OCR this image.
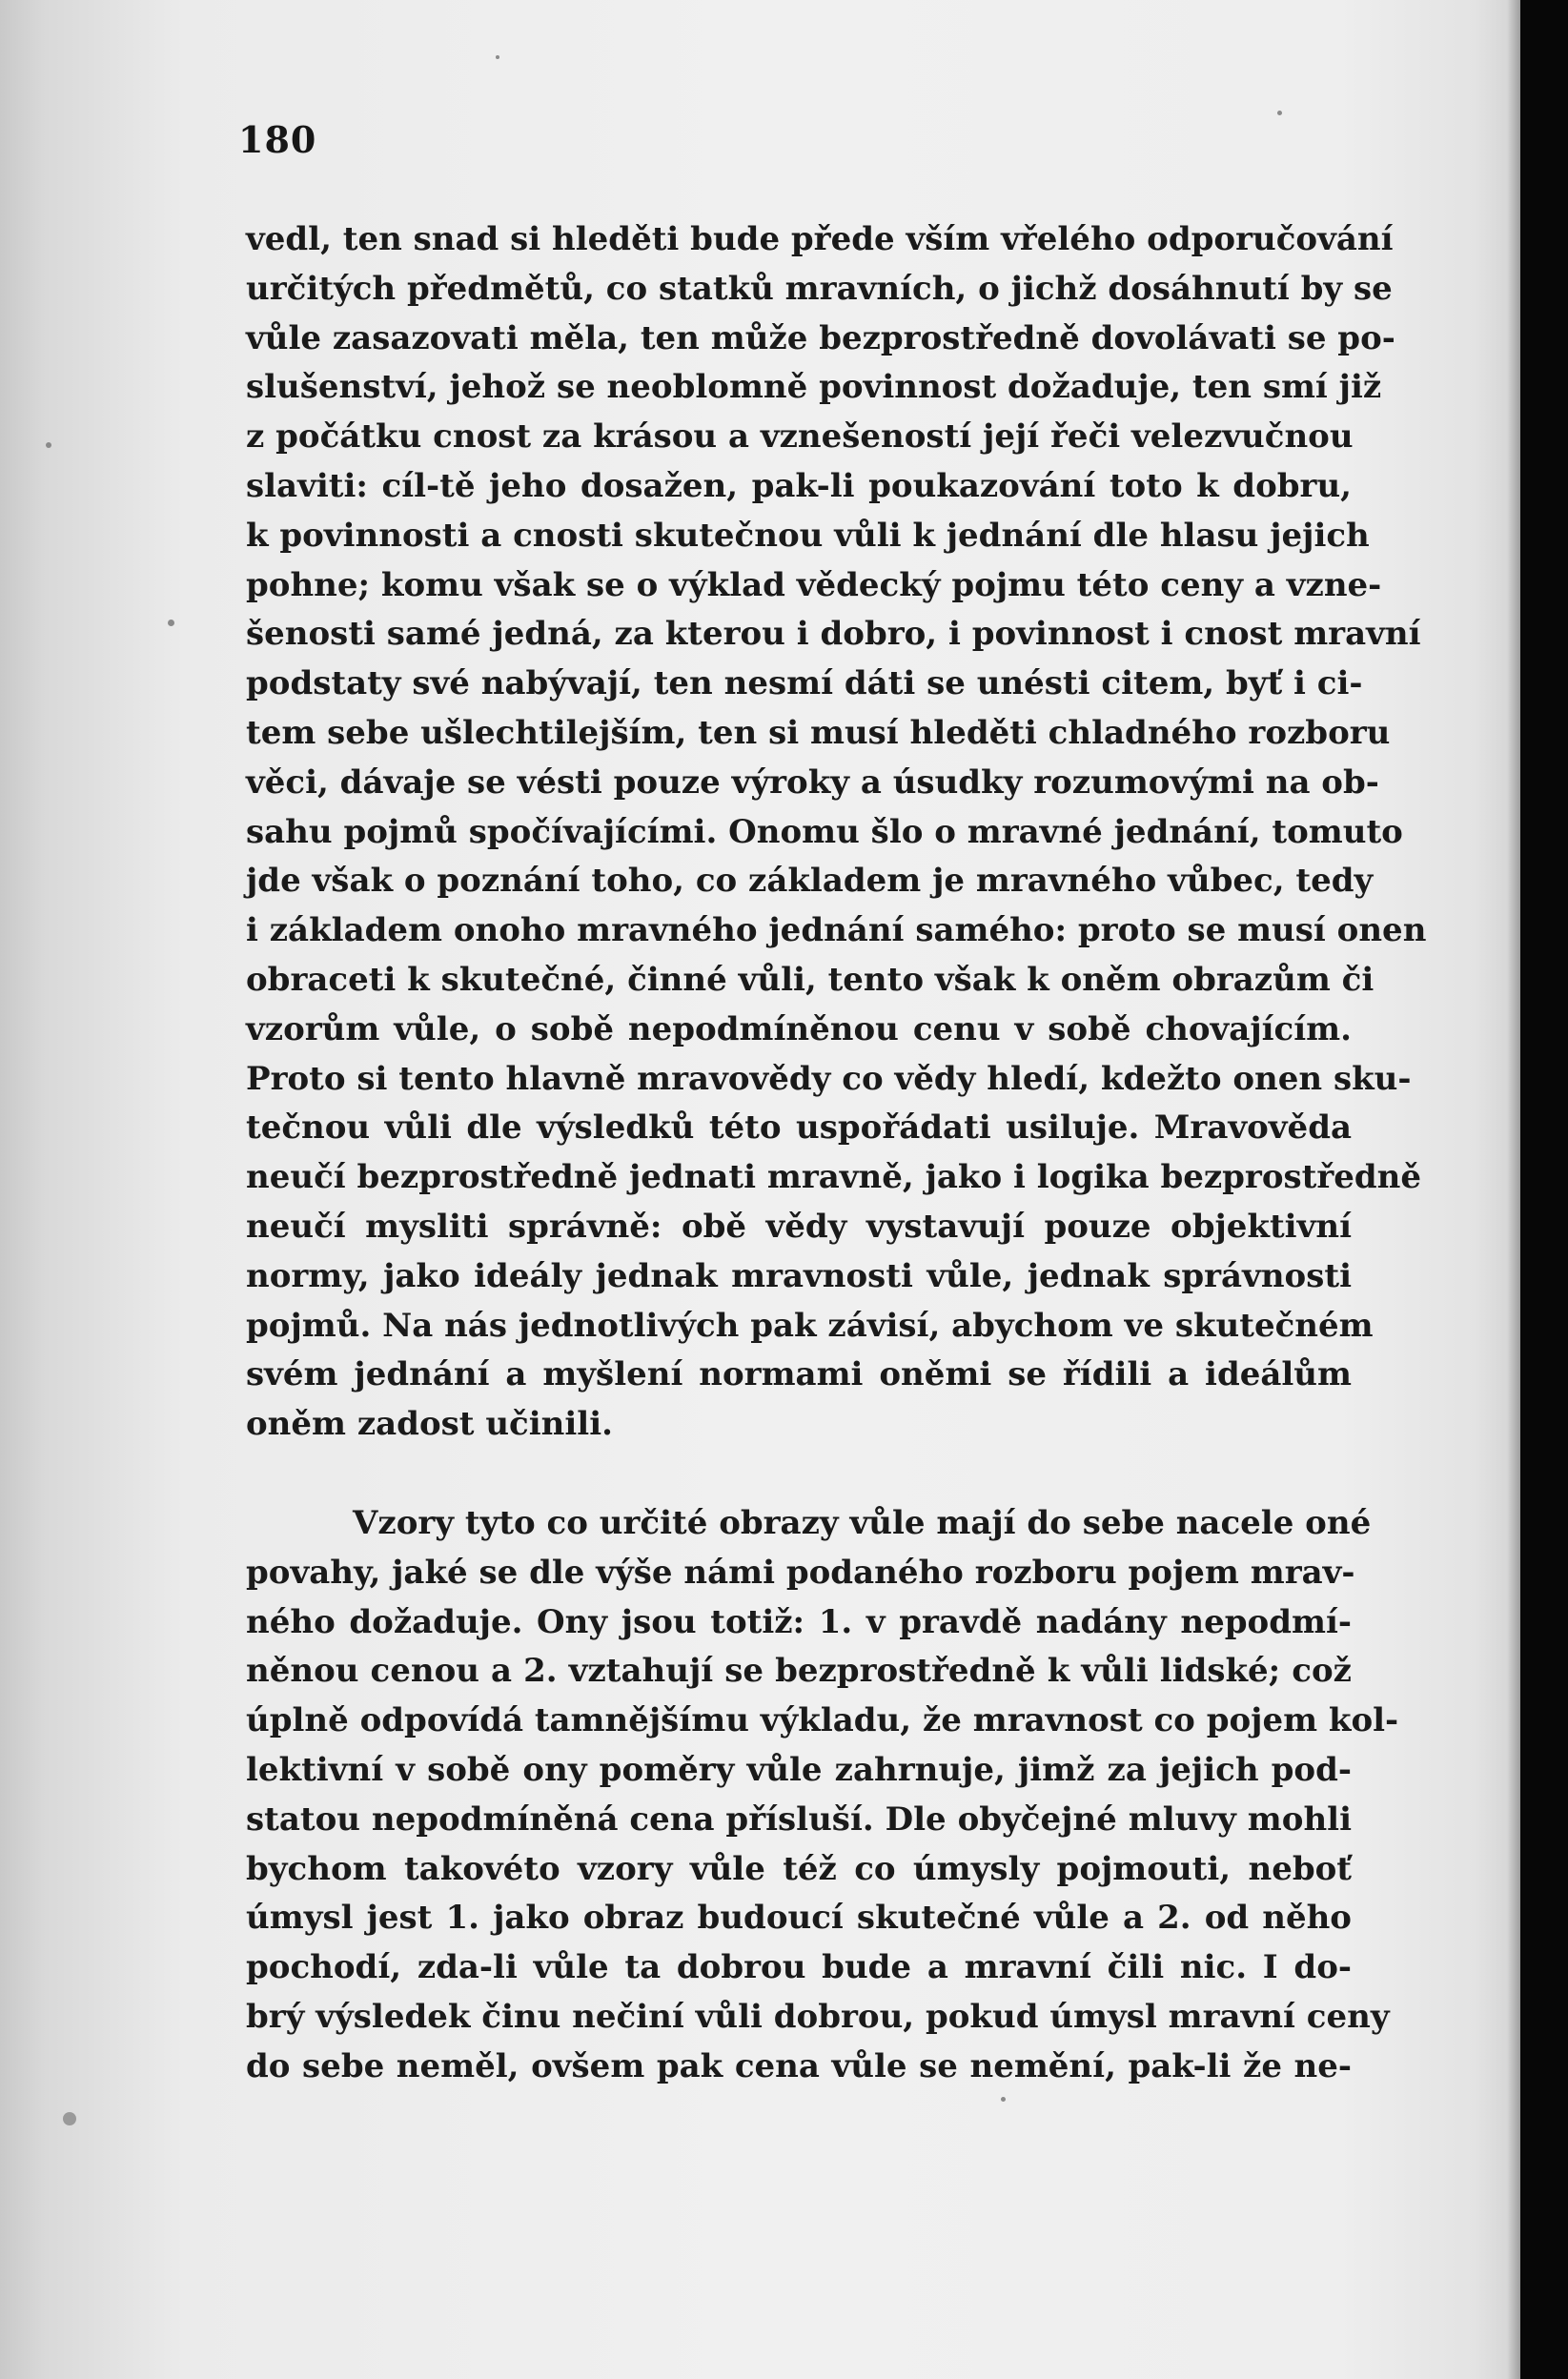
180
vedl, ten snad si hleděti bude přede vším vřelého odporučování
určitých předmětů, co statků mravních, o jichž dosáhnutí by se
vůle zasazovati měla, ten může bezprostředně dovolávati se po-
slušenství, jehož se neoblomně povinnost dožaduje, ten smí již
z počátku cnost za krásou a vznešeností její řeči velezvučnou
slaviti: cíl-tě jeho dosažen, pak-li poukazování toto k dobru,
k povinnosti a cnosti skutečnou vůli k jednání dle hlasu jejich
pohne; komu však se o výklad vědecký pojmu této ceny a vzne-
šenosti samé jedná, za kterou i dobro, i povinnost i cnost mravní
podstaty své nabývají, ten nesmí dáti se unésti citem, byť i ci-
tem sebe ušlechtilejším, ten si musí hleděti chladného rozboru
věci, dávaje se vésti pouze výroky a úsudky rozumovými na ob-
sahu pojmů spočívajícími. Onomu šlo o mravné jednání, tomuto
jde však o poznání toho, co základem je mravného vůbec, tedy
i základem onoho mravného jednání samého: proto se musí onen
obraceti k skutečné, činné vůli, tento však k oněm obrazům či
vzorům vůle, o sobě nepodmíněnou cenu v sobě chovajícím.
Proto si tento hlavně mravovědy co vědy hledí, kdežto onen sku-
tečnou vůli dle výsledků této uspořádati usiluje. Mravověda
neučí bezprostředně jednati mravně, jako i logika bezprostředně
neučí mysliti správně: obě vědy vystavují pouze objektivní
normy, jako ideály jednak mravnosti vůle, jednak správnosti
pojmů. Na nás jednotlivých pak závisí, abychom ve skutečném
svém jednání a myšlení normami oněmi se řídili a ideálům
oněm zadost učinili.
Vzory tyto co určité obrazy vůle mají do sebe nacele oné
povahy, jaké se dle výše námi podaného rozboru pojem mrav-
ného dožaduje. Ony jsou totiž: 1. v pravdě nadány nepodmí-
něnou cenou a 2. vztahují se bezprostředně k vůli lidské; což
úplně odpovídá tamnějšímu výkladu, že mravnost co pojem kol-
lektivní v sobě ony poměry vůle zahrnuje, jimž za jejich pod-
statou nepodmíněná cena přísluší. Dle obyčejné mluvy mohli
bychom takovéto vzory vůle též co úmysly pojmouti, neboť
úmysl jest 1. jako obraz budoucí skutečné vůle a 2. od něho
pochodí, zda-li vůle ta dobrou bude a mravní čili nic. I do-
brý výsledek činu nečiní vůli dobrou, pokud úmysl mravní ceny
do sebe neměl, ovšem pak cena vůle se nemění, pak-li že ne-
